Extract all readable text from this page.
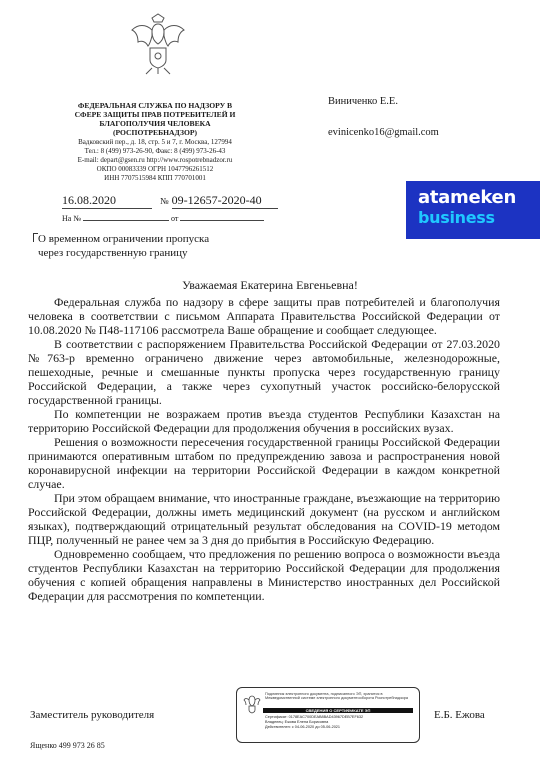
ФЕДЕРАЛЬНАЯ СЛУЖБА ПО НАДЗОРУ В
СФЕРЕ ЗАЩИТЫ ПРАВ ПОТРЕБИТЕЛЕЙ И
БЛАГОПОЛУЧИЯ ЧЕЛОВЕКА
(РОСПОТРЕБНАДЗОР)
Вадковский пер., д. 18, стр. 5 и 7, г. Москва, 127994
Тел.: 8 (499) 973-26-90, Факс: 8 (499) 973-26-43
E-mail: depart@gsen.ru http://www.rospotrebnadzor.ru
ОКПО 00083339 ОГРН 1047796261512
ИНН 7707515984 КПП 770701001
16.08.2020	№ 09-12657-2020-40
На №	от
Виниченко Е.Е.
evinicenko16@gmail.com
atameken
business
О временном ограничении пропуска
через государственную границу
Уважаемая Екатерина Евгеньевна!

Федеральная служба по надзору в сфере защиты прав потребителей и благополучия человека в соответствии с письмом Аппарата Правительства Российской Федерации от 10.08.2020 № П48-117106 рассмотрела Ваше обращение и сообщает следующее.

В соответствии с распоряжением Правительства Российской Федерации от 27.03.2020 №763-р временно ограничено движение через автомобильные, железнодорожные, пешеходные, речные и смешанные пункты пропуска через государственную границу Российской Федерации, а также через сухопутный участок российско-белорусской государственной границы.

По компетенции не возражаем против въезда студентов Республики Казахстан на территорию Российской Федерации для продолжения обучения в российских вузах.

Решения о возможности пересечения государственной границы Российской Федерации принимаются оперативным штабом по предупреждению завоза и распространения новой коронавирусной инфекции на территории Российской Федерации в каждом конкретной случае.

При этом обращаем внимание, что иностранные граждане, въезжающие на территорию Российской Федерации, должны иметь медицинский документ (на русском и английском языках), подтверждающий отрицательный результат обследования на COVID-19 методом ПЦР, полученный не ранее чем за 3 дня до прибытия в Российскую Федерацию.

Одновременно сообщаем, что предложения по решению вопроса о возможности въезда студентов Республики Казахстан на территорию Российской Федерации для продолжения обучения с копией обращения направлены в Министерство иностранных дел Российской Федерации для рассмотрения по компетенции.

Подлинник электронного документа, подписанного ЭП, хранится в Межведомственной системе электронного документооборота Роспотребнадзора
СВЕДЕНИЯ О СЕРТИФИКАТЕ ЭП
Сертификат: 0178EAC700DEAB8BAD43967DEB7EF632
Владелец: Ежова Елена Борисовна
Действителен: с 04-06-2020 до 05-06-2021
Заместитель руководителя	Е.Б. Ежова
Ященко 499 973 26 85
